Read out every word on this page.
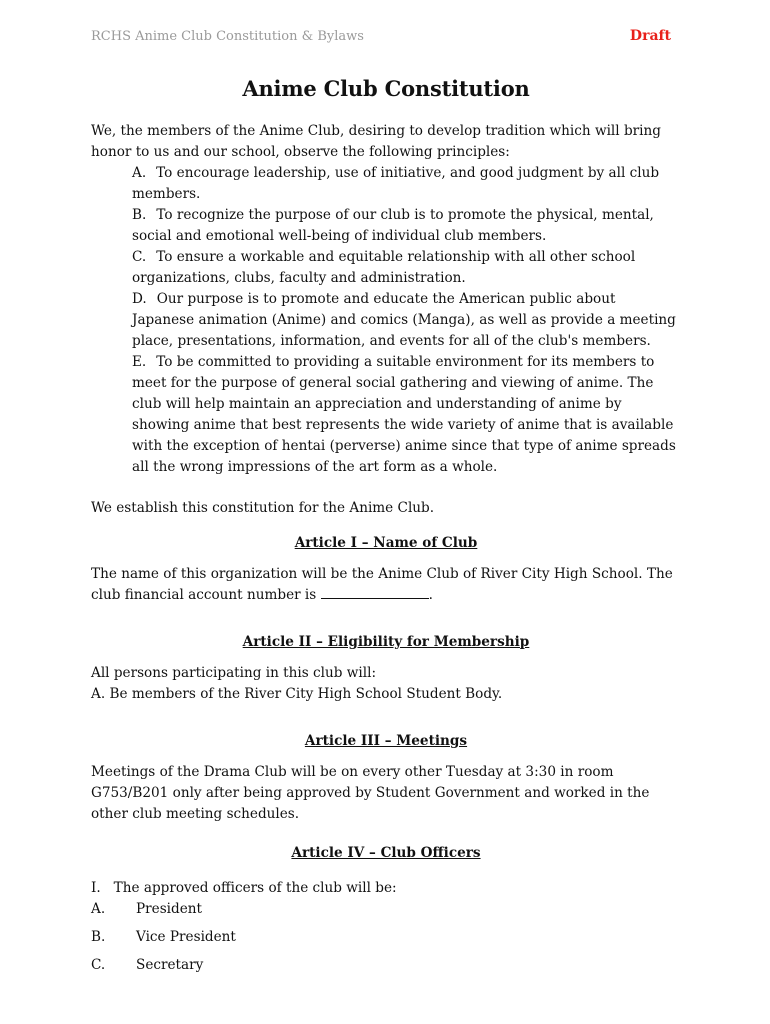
RCHS Anime Club Constitution & Bylaws	Draft
Anime Club Constitution

We, the members of the Anime Club, desiring to develop tradition which will bring honor to us and our school, observe the following principles:

A. To encourage leadership, use of initiative, and good judgment by all club members.
B. To recognize the purpose of our club is to promote the physical, mental, social and emotional well-being of individual club members.
C. To ensure a workable and equitable relationship with all other school organizations, clubs, faculty and administration.
D. Our purpose is to promote and educate the American public about Japanese animation (Anime) and comics (Manga), as well as provide a meeting place, presentations, information, and events for all of the club's members.
E. To be committed to providing a suitable environment for its members to meet for the purpose of general social gathering and viewing of anime. The club will help maintain an appreciation and understanding of anime by showing anime that best represents the wide variety of anime that is available with the exception of hentai (perverse) anime since that type of anime spreads all the wrong impressions of the art form as a whole.

We establish this constitution for the Anime Club.

Article I – Name of Club

The name of this organization will be the Anime Club of River City High School. The club financial account number is	.

Article II – Eligibility for Membership

All persons participating in this club will:

A. Be members of the River City High School Student Body.
Article III – Meetings

Meetings of the Drama Club will be on every other Tuesday at 3:30 in room G753/B201 only after being approved by Student Government and worked in the other club meeting schedules.

Article IV – Club Officers

I. The approved officers of the club will be:

A.	President
B.	Vice President
C.	Secretary
